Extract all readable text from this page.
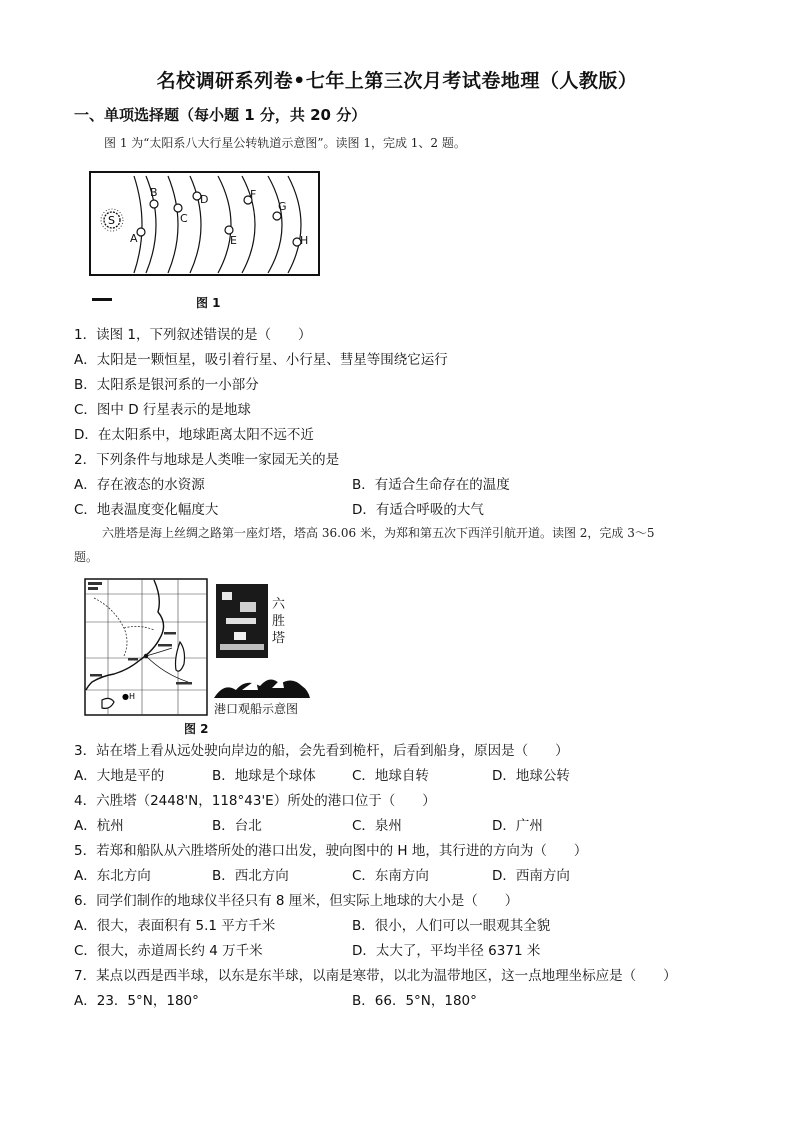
名校调研系列卷•七年上第三次月考试卷地理（人教版）
一、单项选择题（每小题 1 分，共 20 分）
图 1 为“太阳系八大行星公转轨道示意图”。读图 1，完成 1、2 题。
S
A
B
C
D
E
F
G
H
图 1
1．读图 1，下列叙述错误的是（　　）
A．太阳是一颗恒星，吸引着行星、小行星、彗星等围绕它运行
B．太阳系是银河系的一小部分
C．图中 D 行星表示的是地球
D．在太阳系中，地球距离太阳不远不近
2．下列条件与地球是人类唯一家园无关的是
A．存在液态的水资源	B．有适合生命存在的温度
C．地表温度变化幅度大	D．有适合呼吸的大气
六胜塔是海上丝绸之路第一座灯塔，塔高 36.06 米，为郑和第五次下西洋引航开道。读图 2，完成 3～5
题。
●H
图 2
六胜塔
港口观船示意图
3．站在塔上看从远处驶向岸边的船，会先看到桅杆，后看到船身，原因是（　　）
A．大地是平的	B．地球是个球体	C．地球自转	D．地球公转
4．六胜塔（2448'N，118°43'E）所处的港口位于（　　）
A．杭州	B．台北	C．泉州	D．广州
5．若郑和船队从六胜塔所处的港口出发，驶向图中的 H 地，其行进的方向为（　　）
A．东北方向	B．西北方向	C．东南方向	D．西南方向
6．同学们制作的地球仪半径只有 8 厘米，但实际上地球的大小是（　　）
A．很大，表面积有 5.1 平方千米	B．很小，人们可以一眼观其全貌
C．很大，赤道周长约 4 万千米	D．太大了，平均半径 6371 米
7．某点以西是西半球，以东是东半球，以南是寒带，以北为温带地区，这一点地理坐标应是（　　）
A．23．5°N，180°	B．66．5°N，180°
